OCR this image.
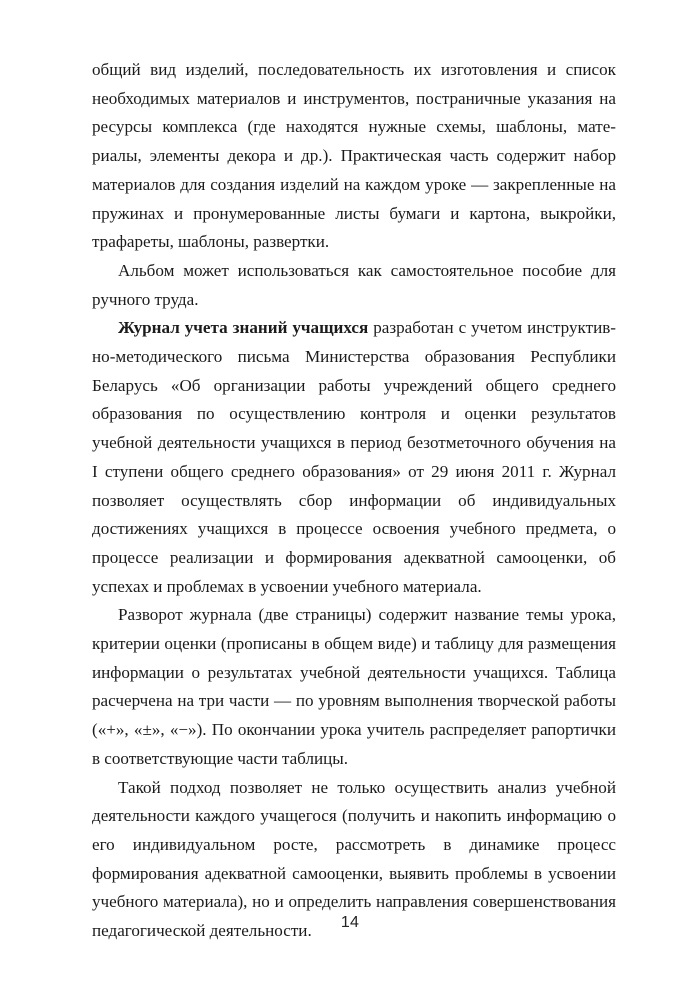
общий вид изделий, последовательность их изготовления и список необходимых материалов и инструментов, постраничные указания на ресурсы комплекса (где находятся нужные схемы, шаблоны, материалы, элементы декора и др.). Практическая часть содержит набор материалов для создания изделий на каждом уроке — закрепленные на пружинах и пронумерованные листы бумаги и картона, выкройки, трафареты, шаблоны, развертки.

Альбом может использоваться как самостоятельное пособие для ручного труда.

Журнал учета знаний учащихся разработан с учетом инструктивно-методического письма Министерства образования Республики Беларусь «Об организации работы учреждений общего среднего образования по осуществлению контроля и оценки результатов учебной деятельности учащихся в период безотметочного обучения на I ступени общего среднего образования» от 29 июня 2011 г. Журнал позволяет осуществлять сбор информации об индивидуальных достижениях учащихся в процессе освоения учебного предмета, о процессе реализации и формирования адекватной самооценки, об успехах и проблемах в усвоении учебного материала.

Разворот журнала (две страницы) содержит название темы урока, критерии оценки (прописаны в общем виде) и таблицу для размещения информации о результатах учебной деятельности учащихся. Таблица расчерчена на три части — по уровням выполнения творческой работы («+», «±», «−»). По окончании урока учитель распределяет рапортички в соответствующие части таблицы.

Такой подход позволяет не только осуществить анализ учебной деятельности каждого учащегося (получить и накопить информацию о его индивидуальном росте, рассмотреть в динамике процесс формирования адекватной самооценки, выявить проблемы в усвоении учебного материала), но и определить направления совершенствования педагогической деятельности.	14
